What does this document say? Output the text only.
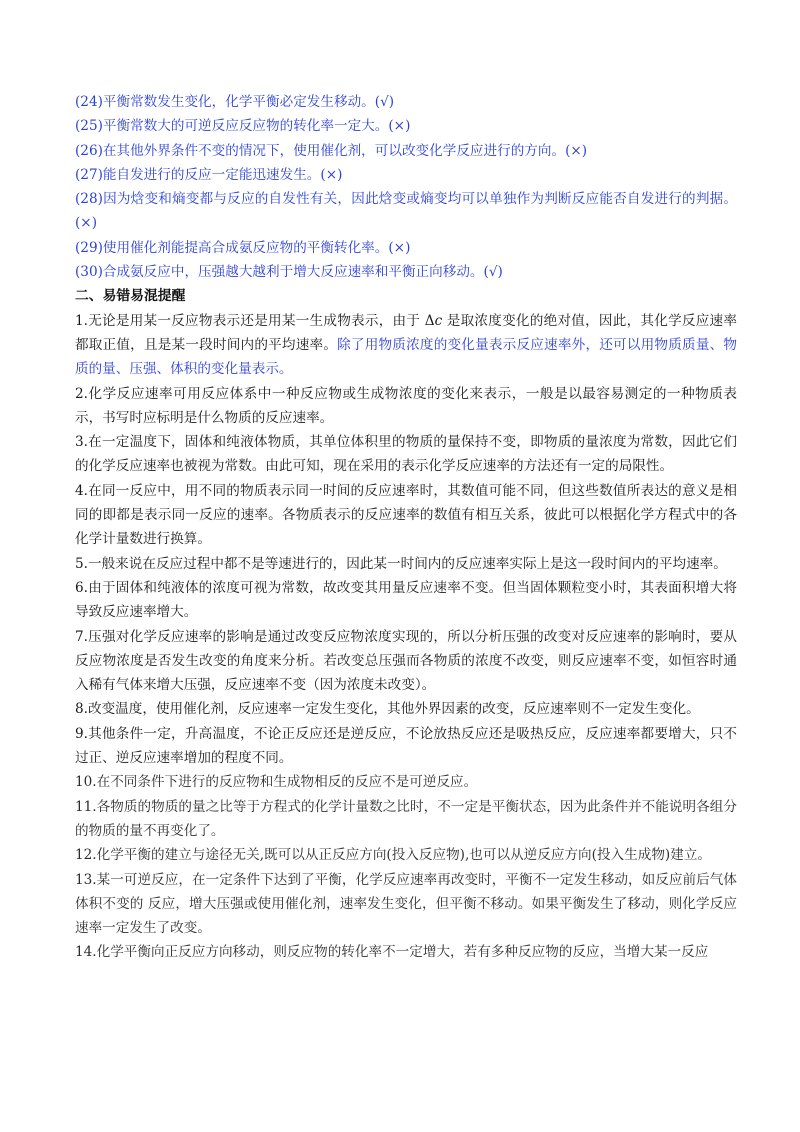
(24)平衡常数发生变化，化学平衡必定发生移动。(√)

(25)平衡常数大的可逆反应反应物的转化率一定大。(×)

(26)在其他外界条件不变的情况下，使用催化剂，可以改变化学反应进行的方向。(×)

(27)能自发进行的反应一定能迅速发生。(×)

(28)因为焓变和熵变都与反应的自发性有关，因此焓变或熵变均可以单独作为判断反应能否自发进行的判据。(×)

(29)使用催化剂能提高合成氨反应物的平衡转化率。(×)

(30)合成氨反应中，压强越大越利于增大反应速率和平衡正向移动。(√)

二、易错易混提醒

1.无论是用某一反应物表示还是用某一生成物表示，由于 Δc 是取浓度变化的绝对值，因此，其化学反应速率都取正值，且是某一段时间内的平均速率。除了用物质浓度的变化量表示反应速率外，还可以用物质质量、物质的量、压强、体积的变化量表示。

2.化学反应速率可用反应体系中一种反应物或生成物浓度的变化来表示，一般是以最容易测定的一种物质表示，书写时应标明是什么物质的反应速率。

3.在一定温度下，固体和纯液体物质，其单位体积里的物质的量保持不变，即物质的量浓度为常数，因此它们的化学反应速率也被视为常数。由此可知，现在采用的表示化学反应速率的方法还有一定的局限性。

4.在同一反应中，用不同的物质表示同一时间的反应速率时，其数值可能不同，但这些数值所表达的意义是相同的即都是表示同一反应的速率。各物质表示的反应速率的数值有相互关系，彼此可以根据化学方程式中的各化学计量数进行换算。

5.一般来说在反应过程中都不是等速进行的，因此某一时间内的反应速率实际上是这一段时间内的平均速率。

6.由于固体和纯液体的浓度可视为常数，故改变其用量反应速率不变。但当固体颗粒变小时，其表面积增大将导致反应速率增大。

7.压强对化学反应速率的影响是通过改变反应物浓度实现的，所以分析压强的改变对反应速率的影响时，要从反应物浓度是否发生改变的角度来分析。若改变总压强而各物质的浓度不改变，则反应速率不变，如恒容时通入稀有气体来增大压强，反应速率不变（因为浓度未改变）。

8.改变温度，使用催化剂，反应速率一定发生变化，其他外界因素的改变，反应速率则不一定发生变化。

9.其他条件一定，升高温度，不论正反应还是逆反应，不论放热反应还是吸热反应，反应速率都要增大，只不过正、逆反应速率增加的程度不同。

10.在不同条件下进行的反应物和生成物相反的反应不是可逆反应。

11.各物质的物质的量之比等于方程式的化学计量数之比时，不一定是平衡状态，因为此条件并不能说明各组分的物质的量不再变化了。

12.化学平衡的建立与途径无关,既可以从正反应方向(投入反应物),也可以从逆反应方向(投入生成物)建立。

13.某一可逆反应，在一定条件下达到了平衡，化学反应速率再改变时，平衡不一定发生移动，如反应前后气体体积不变的 反应，增大压强或使用催化剂，速率发生变化，但平衡不移动。如果平衡发生了移动，则化学反应速率一定发生了改变。

14.化学平衡向正反应方向移动，则反应物的转化率不一定增大，若有多种反应物的反应，当增大某一反应
